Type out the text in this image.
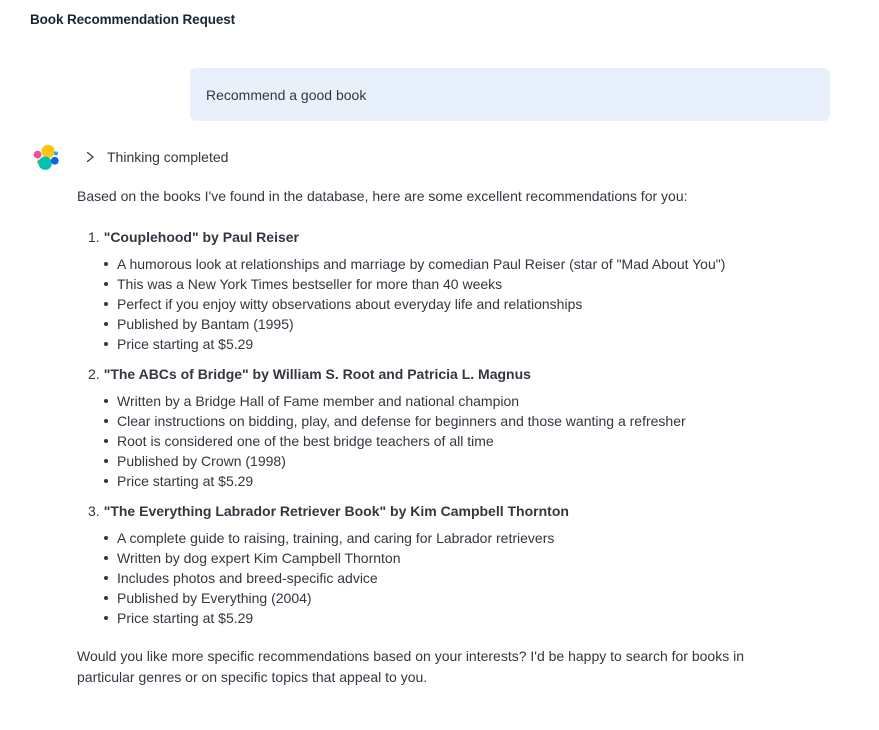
Book Recommendation Request
Recommend a good book
Thinking completed

Based on the books I've found in the database, here are some excellent recommendations for you:

1. "Couplehood" by Paul Reiser
A humorous look at relationships and marriage by comedian Paul Reiser (star of "Mad About You")
This was a New York Times bestseller for more than 40 weeks
Perfect if you enjoy witty observations about everyday life and relationships
Published by Bantam (1995)
Price starting at $5.29
2. "The ABCs of Bridge" by William S. Root and Patricia L. Magnus
Written by a Bridge Hall of Fame member and national champion
Clear instructions on bidding, play, and defense for beginners and those wanting a refresher
Root is considered one of the best bridge teachers of all time
Published by Crown (1998)
Price starting at $5.29
3. "The Everything Labrador Retriever Book" by Kim Campbell Thornton
A complete guide to raising, training, and caring for Labrador retrievers
Written by dog expert Kim Campbell Thornton
Includes photos and breed-specific advice
Published by Everything (2004)
Price starting at $5.29

Would you like more specific recommendations based on your interests? I'd be happy to search for books in particular genres or on specific topics that appeal to you.
